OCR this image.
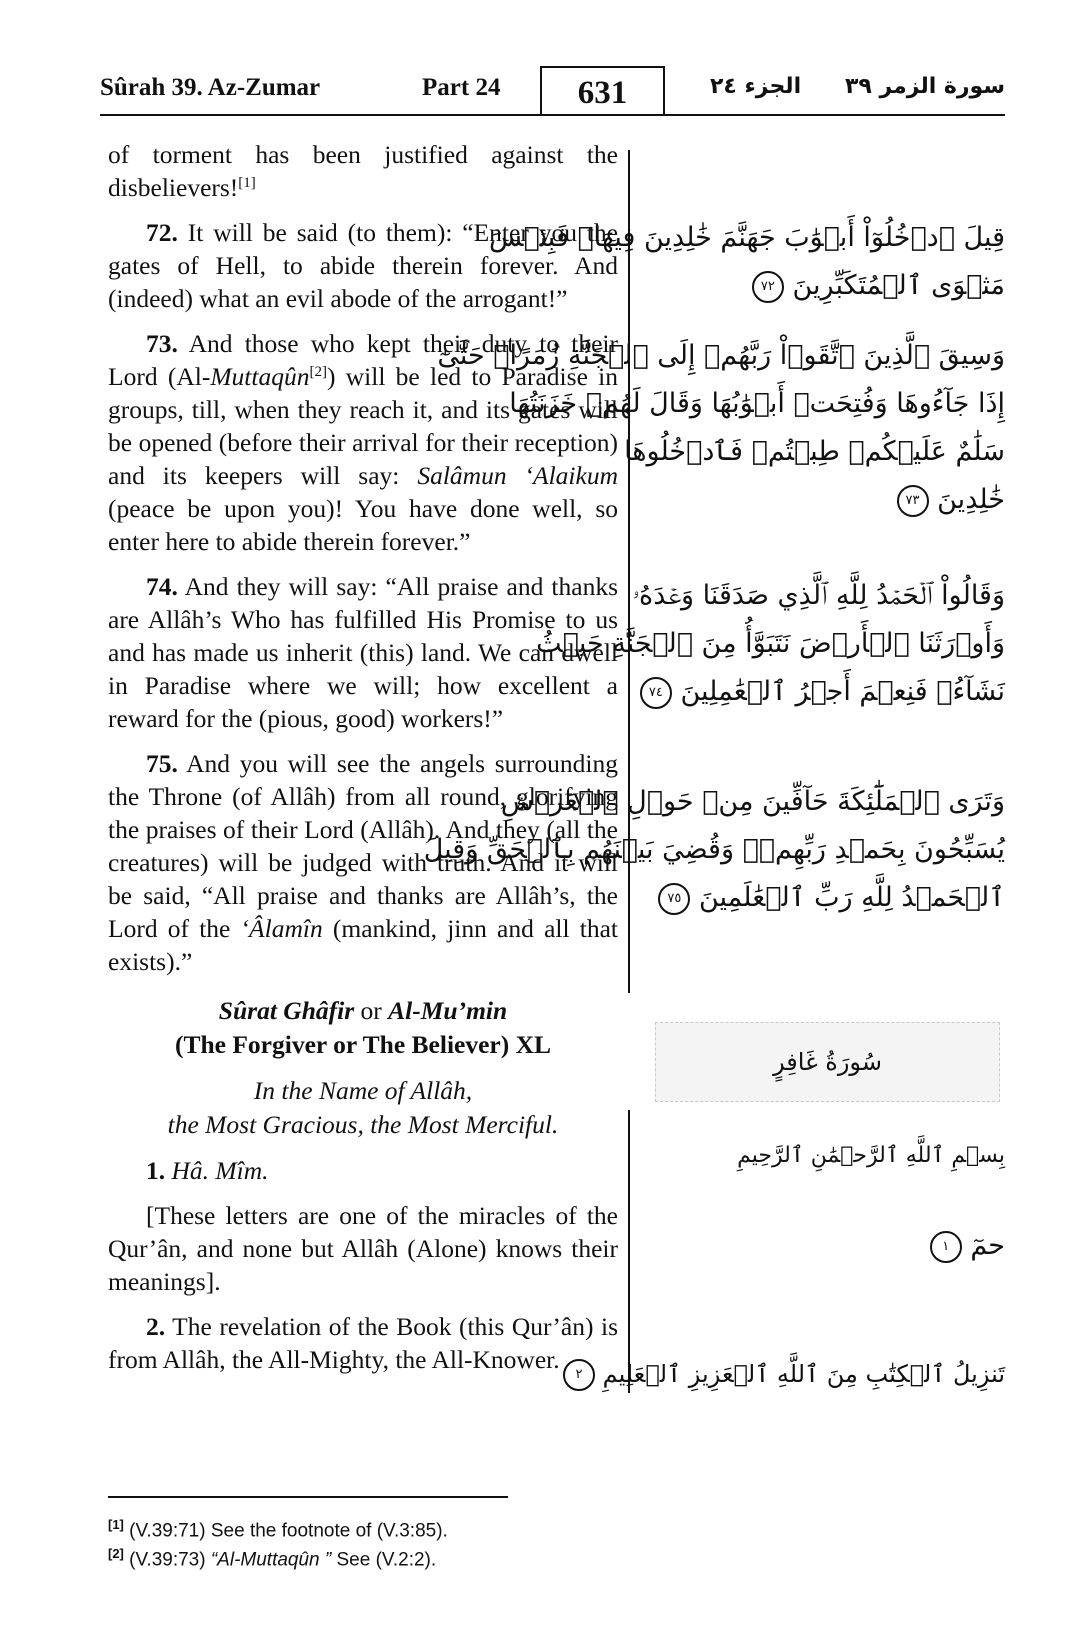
Sûrah 39. Az-Zumar	Part 24	631	الجزء ٢٤ سورة الزمر ٣٩

of torment has been justified against the disbelievers![1]

72. It will be said (to them): “Enter you the gates of Hell, to abide therein forever. And (indeed) what an evil abode of the arrogant!”

73. And those who kept their duty to their Lord (Al-Muttaqûn[2]) will be led to Paradise in groups, till, when they reach it, and its gates will be opened (before their arrival for their reception) and its keepers will say: Salâmun ‘Alaikum (peace be upon you)! You have done well, so enter here to abide therein forever.”

74. And they will say: “All praise and thanks are Allâh’s Who has fulfilled His Promise to us and has made us inherit (this) land. We can dwell in Paradise where we will; how excellent a reward for the (pious, good) workers!”

75. And you will see the angels surrounding the Throne (of Allâh) from all round, glorifying the praises of their Lord (Allâh). And they (all the creatures) will be judged with truth. And it will be said, “All praise and thanks are Allâh’s, the Lord of the ‘Âlamîn (mankind, jinn and all that exists).”

Sûrat Ghâfir or Al-Mu’min
(The Forgiver or The Believer) XL
In the Name of Allâh,
the Most Gracious, the Most Merciful.

1. Hâ. Mîm.

[These letters are one of the miracles of the Qur’ân, and none but Allâh (Alone) knows their meanings].

2. The revelation of the Book (this Qur’ân) is from Allâh, the All-Mighty, the All-Knower.

قِيلَ ٱدۡخُلُوٓاْ أَبۡوَٰبَ جَهَنَّمَ خَٰلِدِينَ فِيهَاۖ فَبِئۡسَ
مَثۡوَى ٱلۡمُتَكَبِّرِينَ ٧٢
وَسِيقَ ٱلَّذِينَ ٱتَّقَوۡاْ رَبَّهُمۡ إِلَى ٱلۡجَنَّةِ زُمَرًاۖ حَتَّىٰٓ
إِذَا جَآءُوهَا وَفُتِحَتۡ أَبۡوَٰبُهَا وَقَالَ لَهُمۡ خَزَنَتُهَا
سَلَٰمٌ عَلَيۡكُمۡ طِبۡتُمۡ فَٱدۡخُلُوهَا
خَٰلِدِينَ ٧٣
وَقَالُواْ ٱلۡحَمۡدُ لِلَّهِ ٱلَّذِي صَدَقَنَا وَعۡدَهُۥ
وَأَوۡرَثَنَا ٱلۡأَرۡضَ نَتَبَوَّأُ مِنَ ٱلۡجَنَّةِ حَيۡثُ
نَشَآءُۖ فَنِعۡمَ أَجۡرُ ٱلۡعَٰمِلِينَ ٧٤
وَتَرَى ٱلۡمَلَٰٓئِكَةَ حَآفِّينَ مِنۡ حَوۡلِ ٱلۡعَرۡشِ
يُسَبِّحُونَ بِحَمۡدِ رَبِّهِمۡۚ وَقُضِيَ بَيۡنَهُم بِٱلۡحَقِّ وَقِيلَ
ٱلۡحَمۡدُ لِلَّهِ رَبِّ ٱلۡعَٰلَمِينَ ٧٥
سُورَةُ غَافِرٍ
بِسۡمِ ٱللَّهِ ٱلرَّحۡمَٰنِ ٱلرَّحِيمِ
حمٓ ١
تَنزِيلُ ٱلۡكِتَٰبِ مِنَ ٱللَّهِ ٱلۡعَزِيزِ ٱلۡعَلِيمِ ٢
[1] (V.39:71) See the footnote of (V.3:85).
[2] (V.39:73) “Al-Muttaqûn ” See (V.2:2).
